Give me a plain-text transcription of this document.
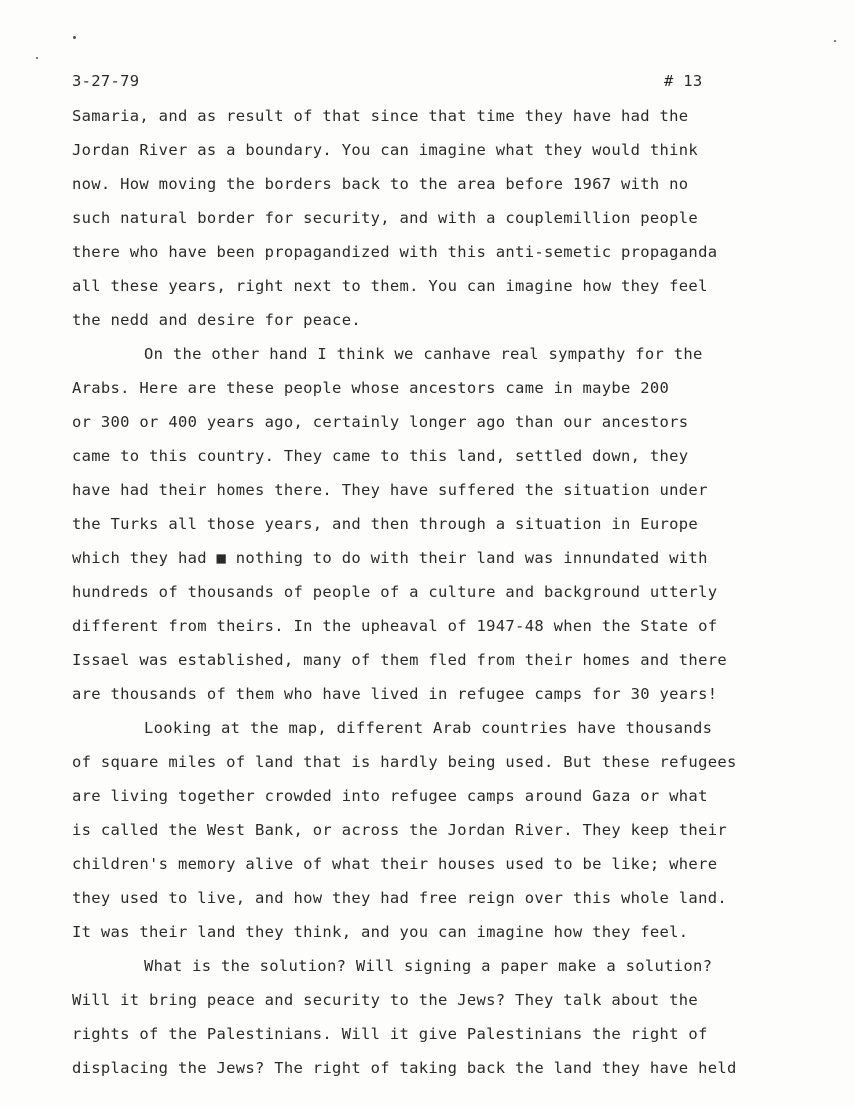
3-27-79	# 13
Samaria, and as result of that since that time they have had the
Jordan River as a boundary. You can imagine what they would think
now. How moving the borders back to the area before 1967 with no
such natural border for security, and with a couplemillion people
there who have been propagandized with this anti-semetic propaganda
all these years, right next to them. You can imagine how they feel
the nedd and desire for peace.
On the other hand I think we canhave real sympathy for the
Arabs. Here are these people whose ancestors came in maybe 200
or 300 or 400 years ago, certainly longer ago than our ancestors
came to this country. They came to this land, settled down, they
have had their homes there. They have suffered the situation under
the Turks all those years, and then through a situation in Europe
which they had ■ nothing to do with their land was innundated with
hundreds of thousands of people of a culture and background utterly
different from theirs. In the upheaval of 1947-48 when the State of
Issael was established, many of them fled from their homes and there
are thousands of them who have lived in refugee camps for 30 years!
Looking at the map, different Arab countries have thousands
of square miles of land that is hardly being used. But these refugees
are living together crowded into refugee camps around Gaza or what
is called the West Bank, or across the Jordan River. They keep their
children's memory alive of what their houses used to be like; where
they used to live, and how they had free reign over this whole land.
It was their land they think, and you can imagine how they feel.
What is the solution? Will signing a paper make a solution?
Will it bring peace and security to the Jews? They talk about the
rights of the Palestinians. Will it give Palestinians the right of
displacing the Jews? The right of taking back the land they have held
